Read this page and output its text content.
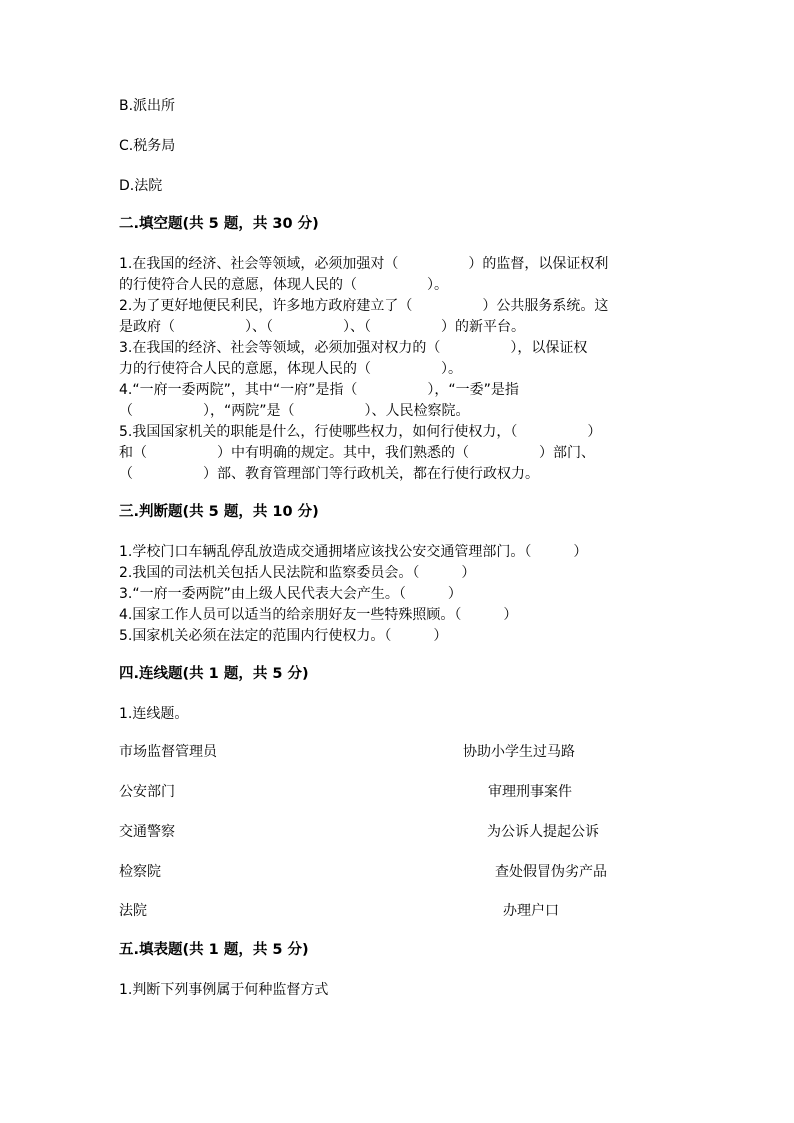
B.派出所
C.税务局
D.法院
二.填空题(共 5 题，共 30 分)
1.在我国的经济、社会等领域，必须加强对（　　　　　）的监督，以保证权利
的行使符合人民的意愿，体现人民的（　　　　　）。
2.为了更好地便民利民，许多地方政府建立了（　　　　　）公共服务系统。这
是政府（　　　　　）、（　　　　　）、（　　　　　）的新平台。
3.在我国的经济、社会等领域，必须加强对权力的（　　　　　），以保证权
力的行使符合人民的意愿，体现人民的（　　　　　）。
4.“一府一委两院”，其中“一府”是指（　　　　　），“一委”是指
（　　　　　），“两院”是（　　　　　）、人民检察院。
5.我国国家机关的职能是什么，行使哪些权力，如何行使权力，（　　　　　）
和（　　　　　）中有明确的规定。其中，我们熟悉的（　　　　　）部门、
（　　　　　）部、教育管理部门等行政机关，都在行使行政权力。
三.判断题(共 5 题，共 10 分)
1.学校门口车辆乱停乱放造成交通拥堵应该找公安交通管理部门。（　　　）
2.我国的司法机关包括人民法院和监察委员会。（　　　）
3.“一府一委两院”由上级人民代表大会产生。（　　　）
4.国家工作人员可以适当的给亲朋好友一些特殊照顾。（　　　）
5.国家机关必须在法定的范围内行使权力。（　　　）
四.连线题(共 1 题，共 5 分)
1.连线题。
市场监督管理员
公安部门
交通警察
检察院
法院
协助小学生过马路
审理刑事案件
为公诉人提起公诉
查处假冒伪劣产品
办理户口
五.填表题(共 1 题，共 5 分)
1.判断下列事例属于何种监督方式
